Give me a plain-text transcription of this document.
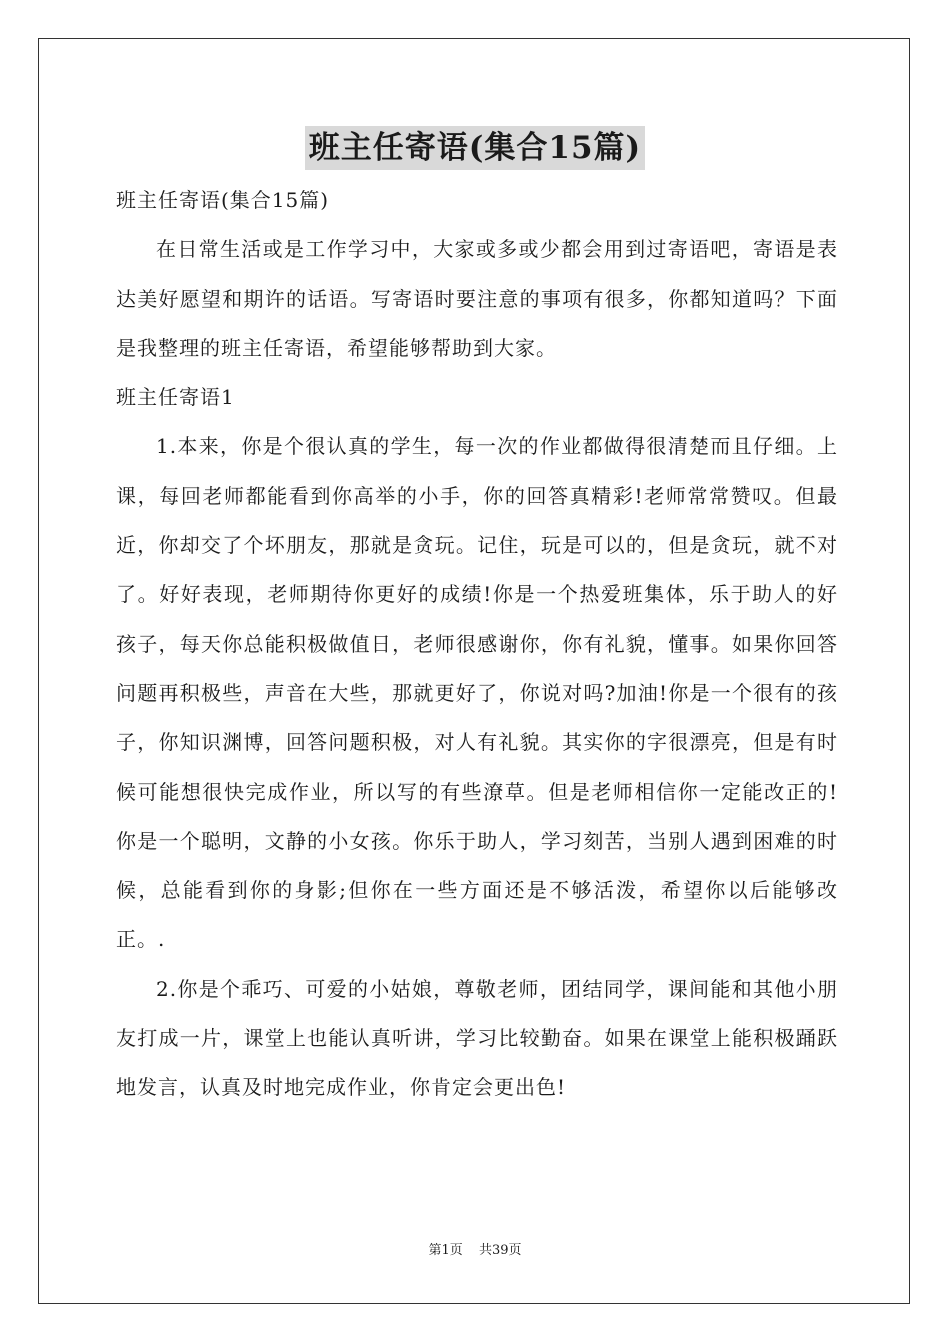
班主任寄语(集合15篇)

班主任寄语(集合15篇)

在日常生活或是工作学习中，大家或多或少都会用到过寄语吧，寄语是表达美好愿望和期许的话语。写寄语时要注意的事项有很多，你都知道吗？下面是我整理的班主任寄语，希望能够帮助到大家。

班主任寄语1

1.本来，你是个很认真的学生，每一次的作业都做得很清楚而且仔细。上课，每回老师都能看到你高举的小手，你的回答真精彩!老师常常赞叹。但最近，你却交了个坏朋友，那就是贪玩。记住，玩是可以的，但是贪玩，就不对了。好好表现，老师期待你更好的成绩!你是一个热爱班集体，乐于助人的好孩子，每天你总能积极做值日，老师很感谢你，你有礼貌，懂事。如果你回答问题再积极些，声音在大些，那就更好了，你说对吗?加油!你是一个很有的孩子，你知识渊博，回答问题积极，对人有礼貌。其实你的字很漂亮，但是有时候可能想很快完成作业，所以写的有些潦草。但是老师相信你一定能改正的!你是一个聪明，文静的小女孩。你乐于助人，学习刻苦，当别人遇到困难的时候，总能看到你的身影;但你在一些方面还是不够活泼，希望你以后能够改正。.

2.你是个乖巧、可爱的小姑娘，尊敬老师，团结同学，课间能和其他小朋友打成一片，课堂上也能认真听讲，学习比较勤奋。如果在课堂上能积极踊跃地发言，认真及时地完成作业，你肯定会更出色!

第1页 共39页
